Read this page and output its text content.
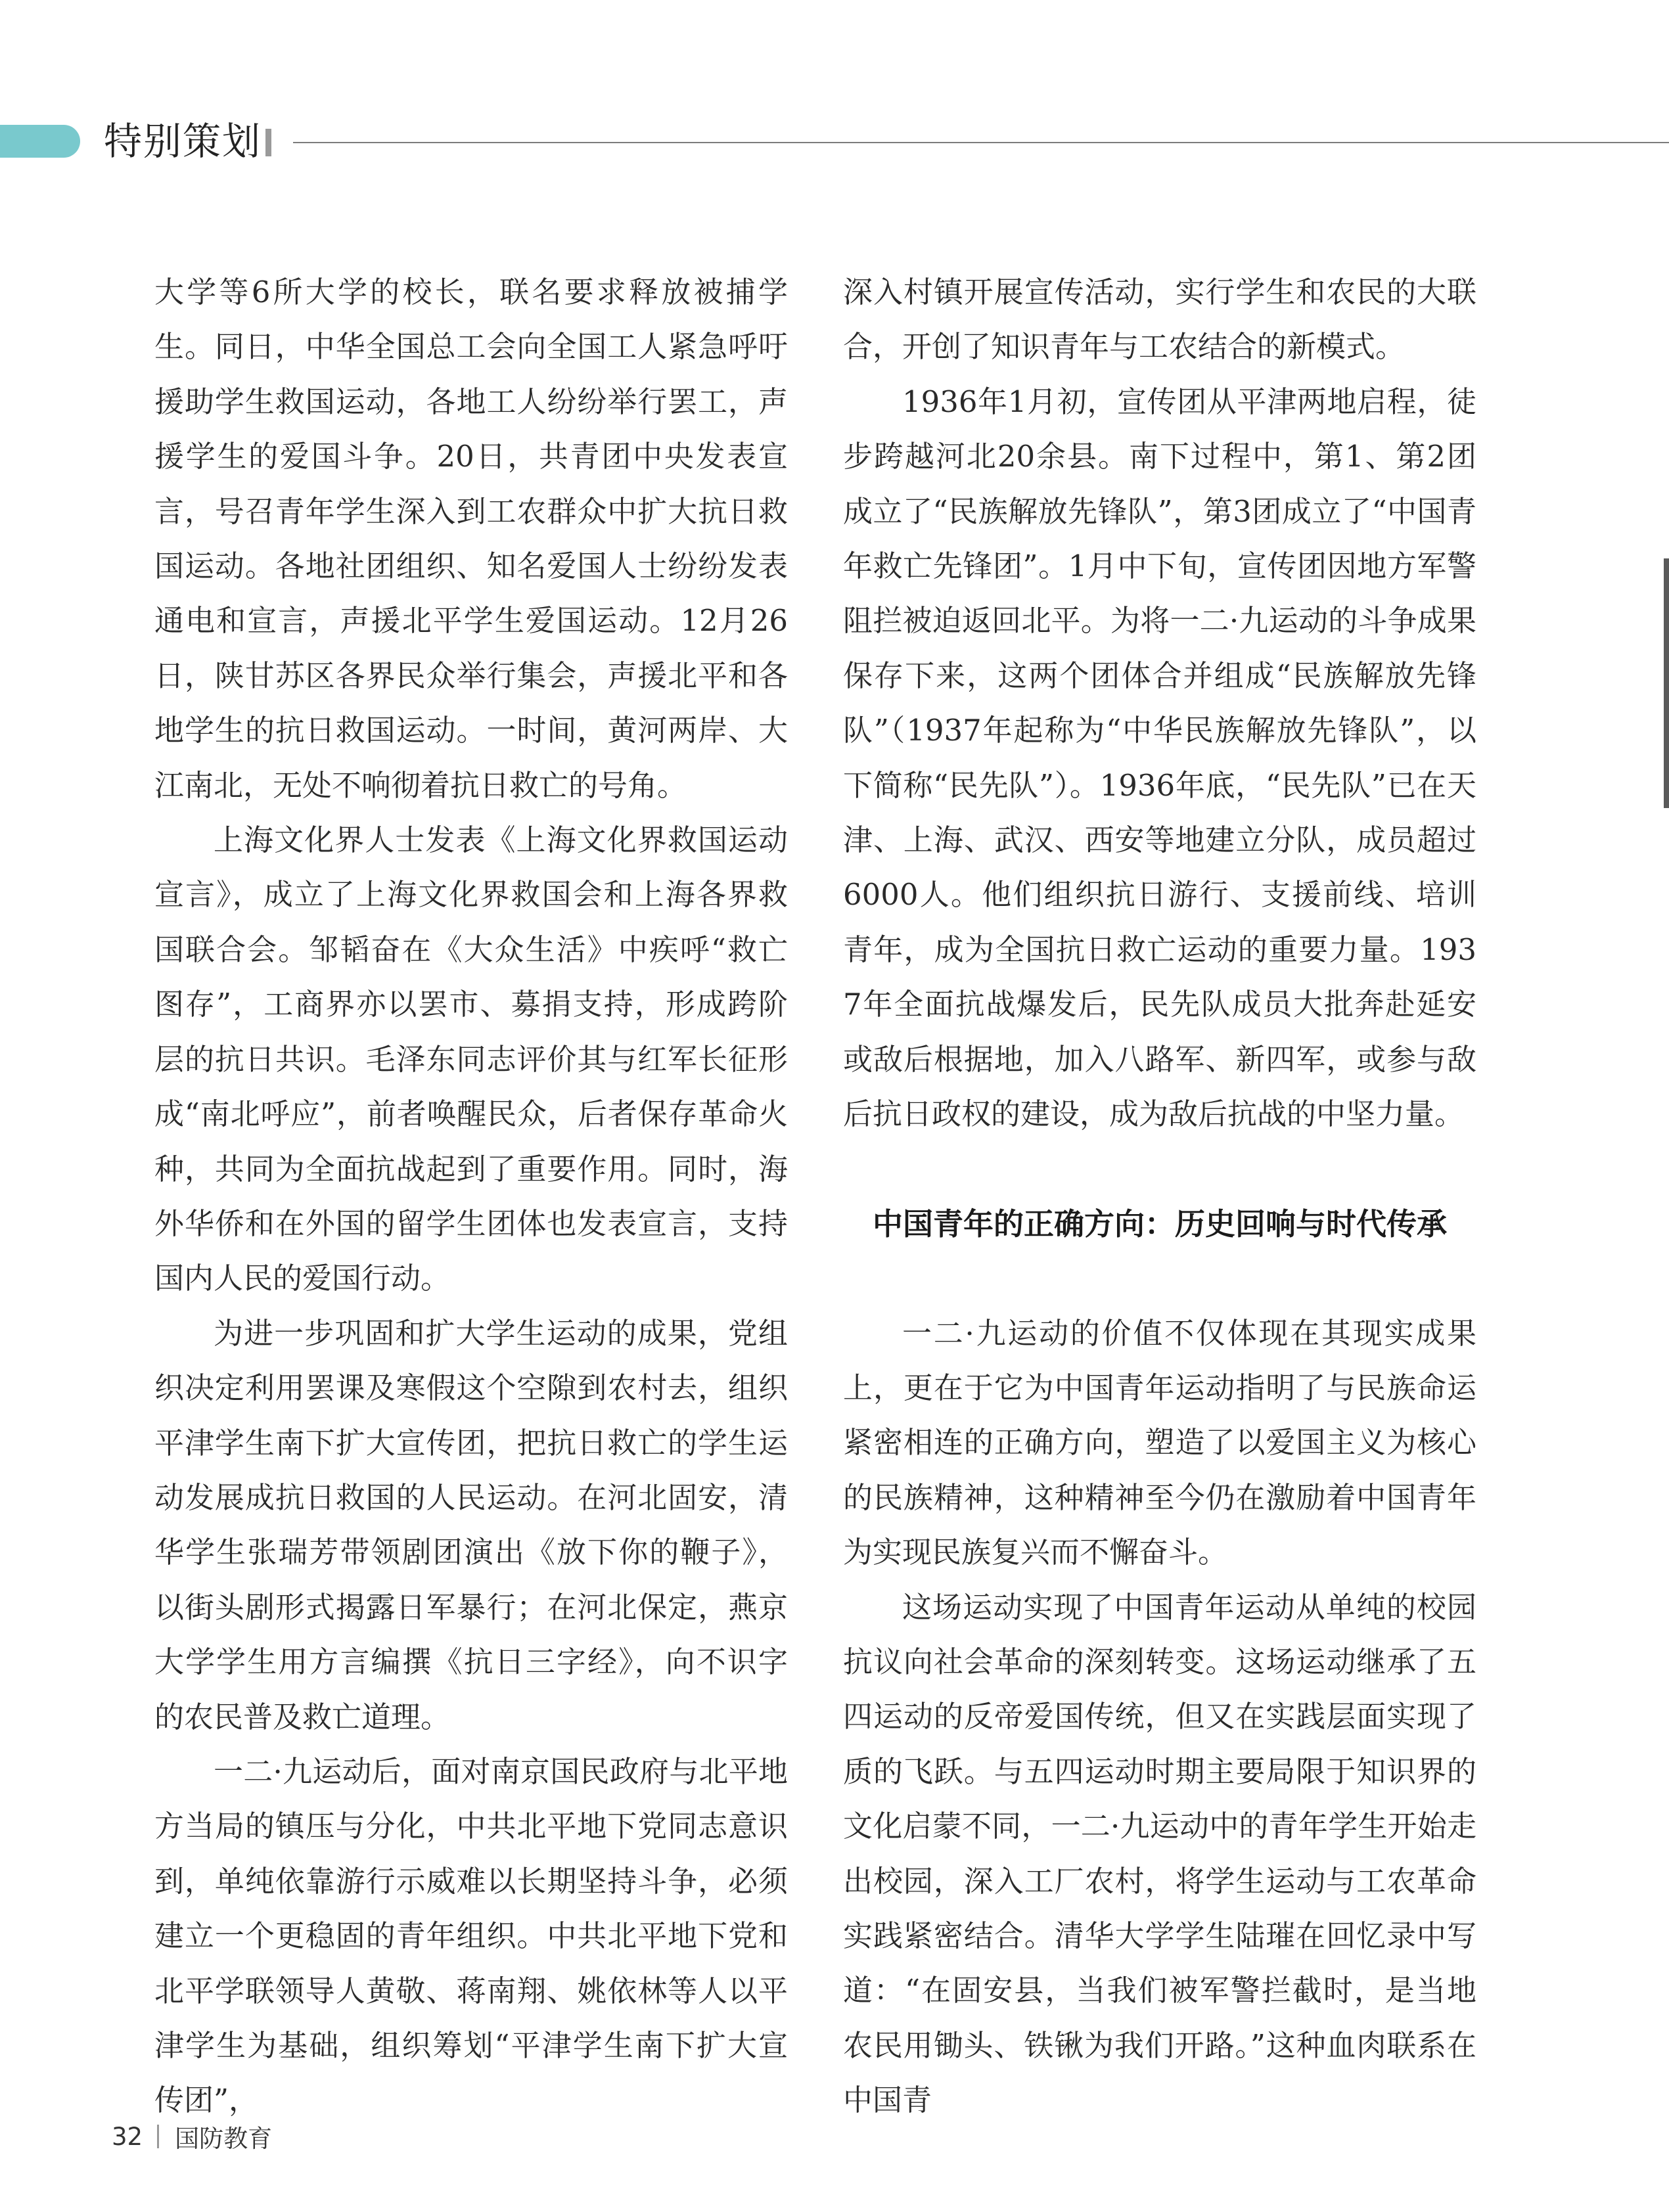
特别策划

大学等6所大学的校长，联名要求释放被捕学生。同日，中华全国总工会向全国工人紧急呼吁援助学生救国运动，各地工人纷纷举行罢工，声援学生的爱国斗争。20日，共青团中央发表宣言，号召青年学生深入到工农群众中扩大抗日救国运动。各地社团组织、知名爱国人士纷纷发表通电和宣言，声援北平学生爱国运动。12月26日，陕甘苏区各界民众举行集会，声援北平和各地学生的抗日救国运动。一时间，黄河两岸、大江南北，无处不响彻着抗日救亡的号角。

上海文化界人士发表《上海文化界救国运动宣言》，成立了上海文化界救国会和上海各界救国联合会。邹韬奋在《大众生活》中疾呼“救亡图存”，工商界亦以罢市、募捐支持，形成跨阶层的抗日共识。毛泽东同志评价其与红军长征形成“南北呼应”，前者唤醒民众，后者保存革命火种，共同为全面抗战起到了重要作用。同时，海外华侨和在外国的留学生团体也发表宣言，支持国内人民的爱国行动。

为进一步巩固和扩大学生运动的成果，党组织决定利用罢课及寒假这个空隙到农村去，组织平津学生南下扩大宣传团，把抗日救亡的学生运动发展成抗日救国的人民运动。在河北固安，清华学生张瑞芳带领剧团演出《放下你的鞭子》，以街头剧形式揭露日军暴行；在河北保定，燕京大学学生用方言编撰《抗日三字经》，向不识字的农民普及救亡道理。

一二·九运动后，面对南京国民政府与北平地方当局的镇压与分化，中共北平地下党同志意识到，单纯依靠游行示威难以长期坚持斗争，必须建立一个更稳固的青年组织。中共北平地下党和北平学联领导人黄敬、蒋南翔、姚依林等人以平津学生为基础，组织筹划“平津学生南下扩大宣传团”，

深入村镇开展宣传活动，实行学生和农民的大联合，开创了知识青年与工农结合的新模式。

1936年1月初，宣传团从平津两地启程，徒步跨越河北20余县。南下过程中，第1、第2团成立了“民族解放先锋队”，第3团成立了“中国青年救亡先锋团”。1月中下旬，宣传团因地方军警阻拦被迫返回北平。为将一二·九运动的斗争成果保存下来，这两个团体合并组成“民族解放先锋队”（1937年起称为“中华民族解放先锋队”，以下简称“民先队”）。1936年底，“民先队”已在天津、上海、武汉、西安等地建立分队，成员超过6000人。他们组织抗日游行、支援前线、培训青年，成为全国抗日救亡运动的重要力量。1937年全面抗战爆发后，民先队成员大批奔赴延安或敌后根据地，加入八路军、新四军，或参与敌后抗日政权的建设，成为敌后抗战的中坚力量。

中国青年的正确方向：历史回响与时代传承

一二·九运动的价值不仅体现在其现实成果上，更在于它为中国青年运动指明了与民族命运紧密相连的正确方向，塑造了以爱国主义为核心的民族精神，这种精神至今仍在激励着中国青年为实现民族复兴而不懈奋斗。

这场运动实现了中国青年运动从单纯的校园抗议向社会革命的深刻转变。这场运动继承了五四运动的反帝爱国传统，但又在实践层面实现了质的飞跃。与五四运动时期主要局限于知识界的文化启蒙不同，一二·九运动中的青年学生开始走出校园，深入工厂农村，将学生运动与工农革命实践紧密结合。清华大学学生陆璀在回忆录中写道：“在固安县，当我们被军警拦截时，是当地农民用锄头、铁锹为我们开路。”这种血肉联系在中国青

32 国防教育
